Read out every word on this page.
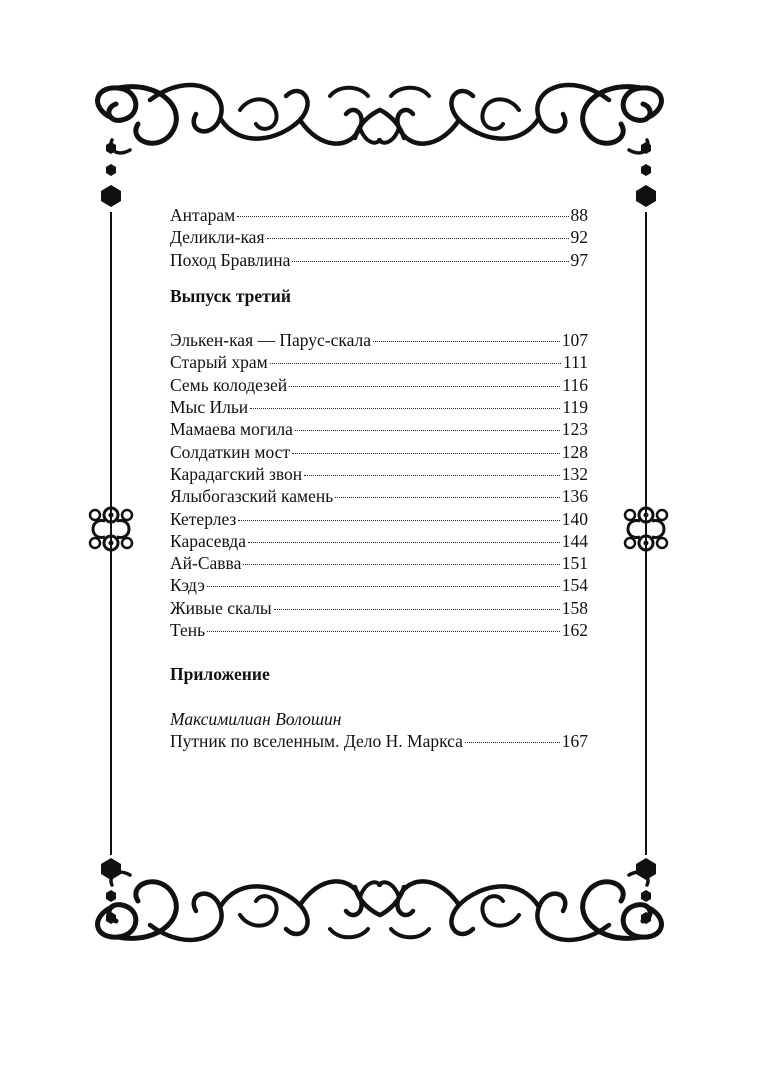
Антарам	88
Деликли-кая	92
Поход Бравлина	97
Выпуск третий
Элькен-кая — Парус-скала	107
Старый храм	111
Семь колодезей	116
Мыс Ильи	119
Мамаева могила	123
Солдаткин мост	128
Карадагский звон	132
Ялыбогазский камень	136
Кетерлез	140
Карасевда	144
Ай-Савва	151
Кэдэ	154
Живые скалы	158
Тень	162
Приложение
Максимилиан Волошин
Путник по вселенным. Дело Н. Маркса	167
